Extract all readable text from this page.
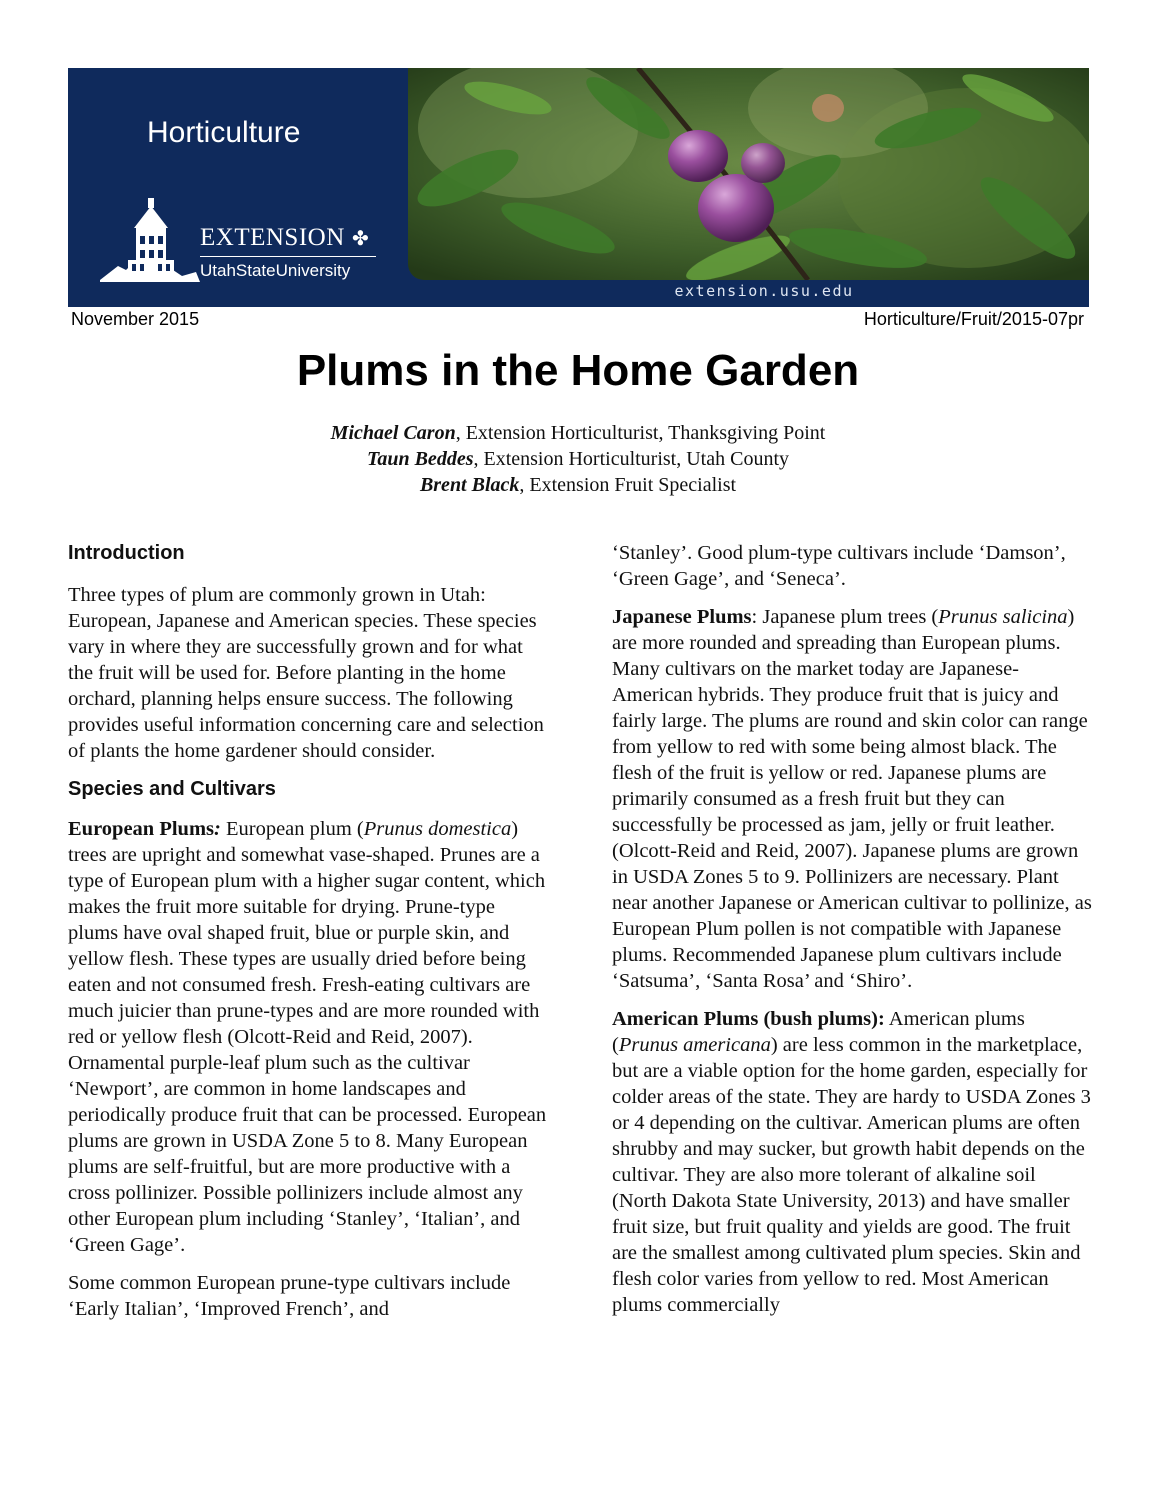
Horticulture
EXTENSION ✤
UtahStateUniversity
extension.usu.edu
November 2015	Horticulture/Fruit/2015-07pr
Plums in the Home Garden
Michael Caron, Extension Horticulturist, Thanksgiving Point
Taun Beddes, Extension Horticulturist, Utah County
Brent Black, Extension Fruit Specialist
Introduction

Three types of plum are commonly grown in Utah: European, Japanese and American species. These species vary in where they are successfully grown and for what the fruit will be used for. Before planting in the home orchard, planning helps ensure success. The following provides useful information concerning care and selection of plants the home gardener should consider.

Species and Cultivars

European Plums: European plum (Prunus domestica) trees are upright and somewhat vase-shaped. Prunes are a type of European plum with a higher sugar content, which makes the fruit more suitable for drying. Prune-type plums have oval shaped fruit, blue or purple skin, and yellow flesh. These types are usually dried before being eaten and not consumed fresh. Fresh-eating cultivars are much juicier than prune-types and are more rounded with red or yellow flesh (Olcott-Reid and Reid, 2007). Ornamental purple-leaf plum such as the cultivar ‘Newport’, are common in home landscapes and periodically produce fruit that can be processed. European plums are grown in USDA Zone 5 to 8. Many European plums are self-fruitful, but are more productive with a cross pollinizer. Possible pollinizers include almost any other European plum including ‘Stanley’, ‘Italian’, and ‘Green Gage’.

Some common European prune-type cultivars include ‘Early Italian’, ‘Improved French’, and

‘Stanley’. Good plum-type cultivars include ‘Damson’, ‘Green Gage’, and ‘Seneca’.

Japanese Plums: Japanese plum trees (Prunus salicina) are more rounded and spreading than European plums. Many cultivars on the market today are Japanese-American hybrids. They produce fruit that is juicy and fairly large. The plums are round and skin color can range from yellow to red with some being almost black. The flesh of the fruit is yellow or red. Japanese plums are primarily consumed as a fresh fruit but they can successfully be processed as jam, jelly or fruit leather. (Olcott-Reid and Reid, 2007). Japanese plums are grown in USDA Zones 5 to 9. Pollinizers are necessary. Plant near another Japanese or American cultivar to pollinize, as European Plum pollen is not compatible with Japanese plums. Recommended Japanese plum cultivars include ‘Satsuma’, ‘Santa Rosa’ and ‘Shiro’.

American Plums (bush plums): American plums (Prunus americana) are less common in the marketplace, but are a viable option for the home garden, especially for colder areas of the state. They are hardy to USDA Zones 3 or 4 depending on the cultivar. American plums are often shrubby and may sucker, but growth habit depends on the cultivar. They are also more tolerant of alkaline soil (North Dakota State University, 2013) and have smaller fruit size, but fruit quality and yields are good. The fruit are the smallest among cultivated plum species. Skin and flesh color varies from yellow to red. Most American plums commercially
